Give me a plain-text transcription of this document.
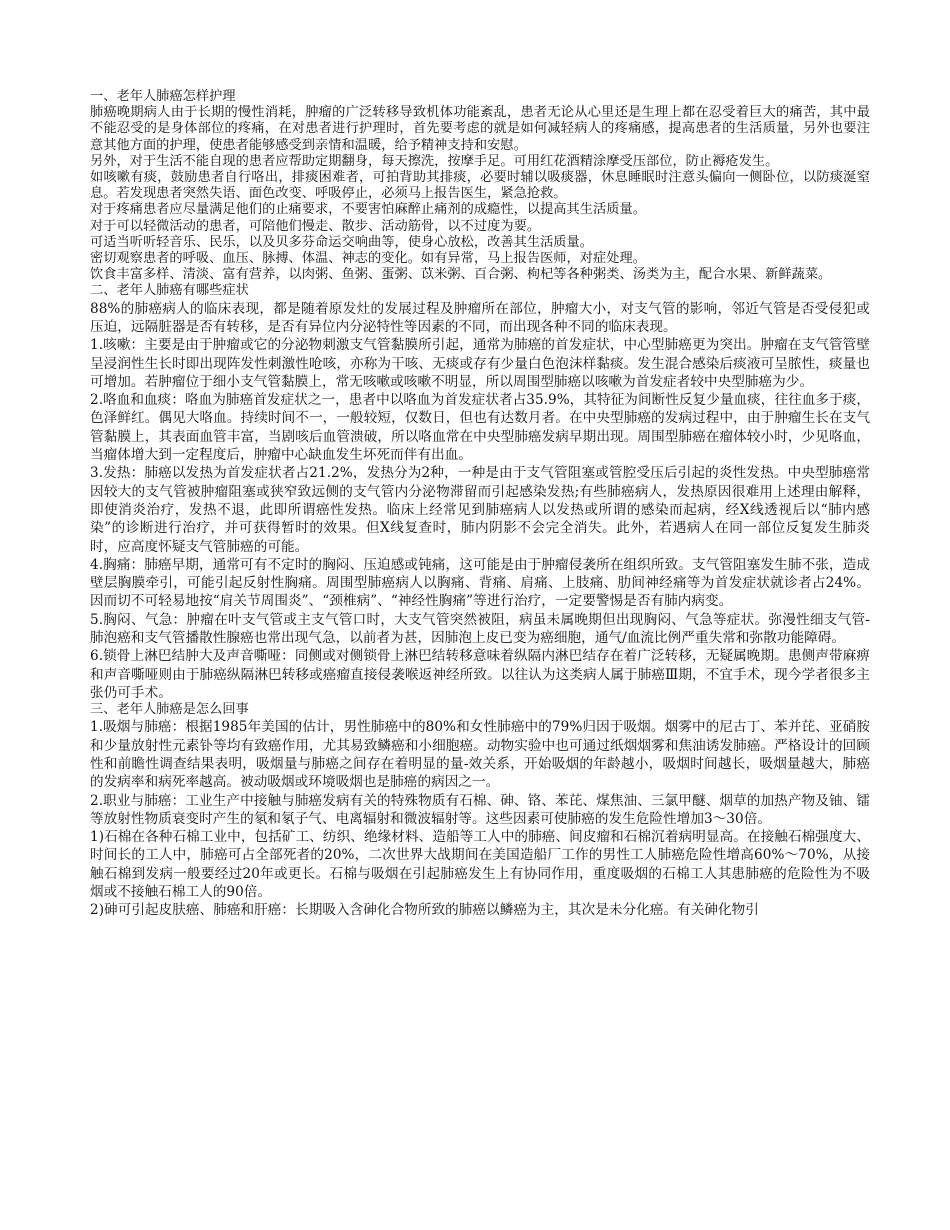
一、老年人肺癌怎样护理

肺癌晚期病人由于长期的慢性消耗，肿瘤的广泛转移导致机体功能紊乱，患者无论从心里还是生理上都在忍受着巨大的痛苦，其中最不能忍受的是身体部位的疼痛，在对患者进行护理时，首先要考虑的就是如何减轻病人的疼痛感，提高患者的生活质量，另外也要注意其他方面的护理，使患者能够感受到亲情和温暖，给予精神支持和安慰。

另外，对于生活不能自现的患者应帮助定期翻身，每天擦洗，按摩手足。可用红花酒精涂摩受压部位，防止褥疮发生。

如咳嗽有痰，鼓励患者自行咯出，排痰困难者，可拍背助其排痰，必要时辅以吸痰器，休息睡眠时注意头偏向一侧卧位，以防痰涎窒息。若发现患者突然失语、面色改变、呼吸停止，必须马上报告医生，紧急抢救。

对于疼痛患者应尽量满足他们的止痛要求，不要害怕麻醉止痛剂的成瘾性，以提高其生活质量。

对于可以轻微活动的患者，可陪他们慢走、散步、活动筋骨，以不过度为要。

可适当听听轻音乐、民乐，以及贝多芬命运交响曲等，使身心放松，改善其生活质量。

密切观察患者的呼吸、血压、脉搏、体温、神志的变化。如有异常，马上报告医师，对症处理。

饮食丰富多样、清淡、富有营养，以肉粥、鱼粥、蛋粥、苡米粥、百合粥、枸杞等各种粥类、汤类为主，配合水果、新鲜蔬菜。

二、老年人肺癌有哪些症状

88%的肺癌病人的临床表现，都是随着原发灶的发展过程及肿瘤所在部位，肿瘤大小，对支气管的影响，邻近气管是否受侵犯或压迫，远隔脏器是否有转移，是否有异位内分泌特性等因素的不同，而出现各种不同的临床表现。

1.咳嗽：主要是由于肿瘤或它的分泌物刺激支气管黏膜所引起，通常为肺癌的首发症状，中心型肺癌更为突出。肿瘤在支气管管壁呈浸润性生长时即出现阵发性刺激性呛咳，亦称为干咳、无痰或存有少量白色泡沫样黏痰。发生混合感染后痰液可呈脓性，痰量也可增加。若肿瘤位于细小支气管黏膜上，常无咳嗽或咳嗽不明显，所以周围型肺癌以咳嗽为首发症者较中央型肺癌为少。

2.咯血和血痰：咯血为肺癌首发症状之一，患者中以咯血为首发症状者占35.9%，其特征为间断性反复少量血痰，往往血多于痰，色泽鲜红。偶见大咯血。持续时间不一，一般较短，仅数日，但也有达数月者。在中央型肺癌的发病过程中，由于肿瘤生长在支气管黏膜上，其表面血管丰富，当剧咳后血管溃破，所以咯血常在中央型肺癌发病早期出现。周围型肺癌在瘤体较小时，少见咯血，当瘤体增大到一定程度后，肿瘤中心缺血发生坏死而伴有出血。

3.发热：肺癌以发热为首发症状者占21.2%，发热分为2种，一种是由于支气管阻塞或管腔受压后引起的炎性发热。中央型肺癌常因较大的支气管被肿瘤阻塞或狭窄致远侧的支气管内分泌物滞留而引起感染发热;有些肺癌病人，发热原因很难用上述理由解释，即使消炎治疗，发热不退，此即所谓癌性发热。临床上经常见到肺癌病人以发热或所谓的感染而起病，经X线透视后以“肺内感染”的诊断进行治疗，并可获得暂时的效果。但X线复查时，肺内阴影不会完全消失。此外，若遇病人在同一部位反复发生肺炎时，应高度怀疑支气管肺癌的可能。

4.胸痛：肺癌早期，通常可有不定时的胸闷、压迫感或钝痛，这可能是由于肿瘤侵袭所在组织所致。支气管阻塞发生肺不张，造成壁层胸膜牵引，可能引起反射性胸痛。周围型肺癌病人以胸痛、背痛、肩痛、上肢痛、肋间神经痛等为首发症状就诊者占24%。因而切不可轻易地按“肩关节周围炎”、“颈椎病”、“神经性胸痛”等进行治疗，一定要警惕是否有肺内病变。

5.胸闷、气急：肿瘤在叶支气管或主支气管口时，大支气管突然被阻，病虽未属晚期但出现胸闷、气急等症状。弥漫性细支气管-肺泡癌和支气管播散性腺癌也常出现气急，以前者为甚，因肺泡上皮已变为癌细胞，通气/血流比例严重失常和弥散功能障碍。

6.锁骨上淋巴结肿大及声音嘶哑：同侧或对侧锁骨上淋巴结转移意味着纵隔内淋巴结存在着广泛转移，无疑属晚期。患侧声带麻痹和声音嘶哑则由于肺癌纵隔淋巴转移或癌瘤直接侵袭喉返神经所致。以往认为这类病人属于肺癌Ⅲ期，不宜手术，现今学者很多主张仍可手术。

三、老年人肺癌是怎么回事

1.吸烟与肺癌：根据1985年美国的估计，男性肺癌中的80%和女性肺癌中的79%归因于吸烟。烟雾中的尼古丁、苯并芘、亚硝胺和少量放射性元素钋等均有致癌作用，尤其易致鳞癌和小细胞癌。动物实验中也可通过纸烟烟雾和焦油诱发肺癌。严格设计的回顾性和前瞻性调查结果表明，吸烟量与肺癌之间存在着明显的量-效关系，开始吸烟的年龄越小，吸烟时间越长，吸烟量越大，肺癌的发病率和病死率越高。被动吸烟或环境吸烟也是肺癌的病因之一。

2.职业与肺癌：工业生产中接触与肺癌发病有关的特殊物质有石棉、砷、铬、苯芘、煤焦油、三氯甲醚、烟草的加热产物及铀、镭等放射性物质衰变时产生的氡和氡子气、电离辐射和微波辐射等。这些因素可使肺癌的发生危险性增加3～30倍。

1)石棉在各种石棉工业中，包括矿工、纺织、绝缘材料、造船等工人中的肺癌、间皮瘤和石棉沉着病明显高。在接触石棉强度大、时间长的工人中，肺癌可占全部死者的20%，二次世界大战期间在美国造船厂工作的男性工人肺癌危险性增高60%～70%，从接触石棉到发病一般要经过20年或更长。石棉与吸烟在引起肺癌发生上有协同作用，重度吸烟的石棉工人其患肺癌的危险性为不吸烟或不接触石棉工人的90倍。

2)砷可引起皮肤癌、肺癌和肝癌：长期吸入含砷化合物所致的肺癌以鳞癌为主，其次是未分化癌。有关砷化物引
